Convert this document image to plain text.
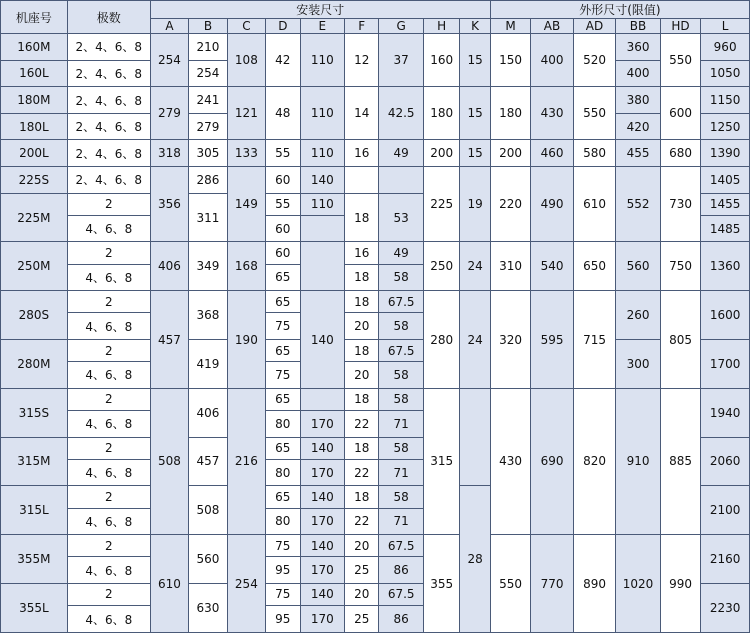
机座号	极数	安装尺寸									外形尺寸(限值)					
		A	B	C	D	E	F	G	H	K	M	AB	AD	BB	HD	L
160M	2、4、6、8	254	210	108	42	110	12	37	160	15	150	400	520	360	550	960
160L	2、4、6、8		254											400		1050
180M	2、4、6、8	279	241	121	48	110	14	42.5	180	15	180	430	550	380	600	1150
180L	2、4、6、8		279											420		1250
200L	2、4、6、8	318	305	133	55	110	16	49	200	15	200	460	580	455	680	1390
225S	2、4、6、8	356	286	149	60	140			225	19	220	490	610	552	730	1405
225M	2		311		55	110	18	53								1455
	4、6、8				60											1485
250M	2	406	349	168	60		16	49	250	24	310	540	650	560	750	1360
	4、6、8				65		18	58								
280S	2	457	368	190	65	140	18	67.5	280	24	320	595	715	260	805	1600
	4、6、8				75		20	58								
280M	2		419		65		18	67.5						300		1700
	4、6、8				75		20	58								
315S	2	508	406	216	65		18	58	315		430	690	820	910	885	1940
	4、6、8				80	170	22	71								
315M	2		457		65	140	18	58								2060
	4、6、8				80	170	22	71								
315L	2		508		65	140	18	58		28						2100
	4、6、8				80	170	22	71								
355M	2	610	560	254	75	140	20	67.5	355		550	770	890	1020	990	2160
	4、6、8				95	170	25	86								
355L	2		630		75	140	20	67.5								2230
	4、6、8				95	170	25	86								
